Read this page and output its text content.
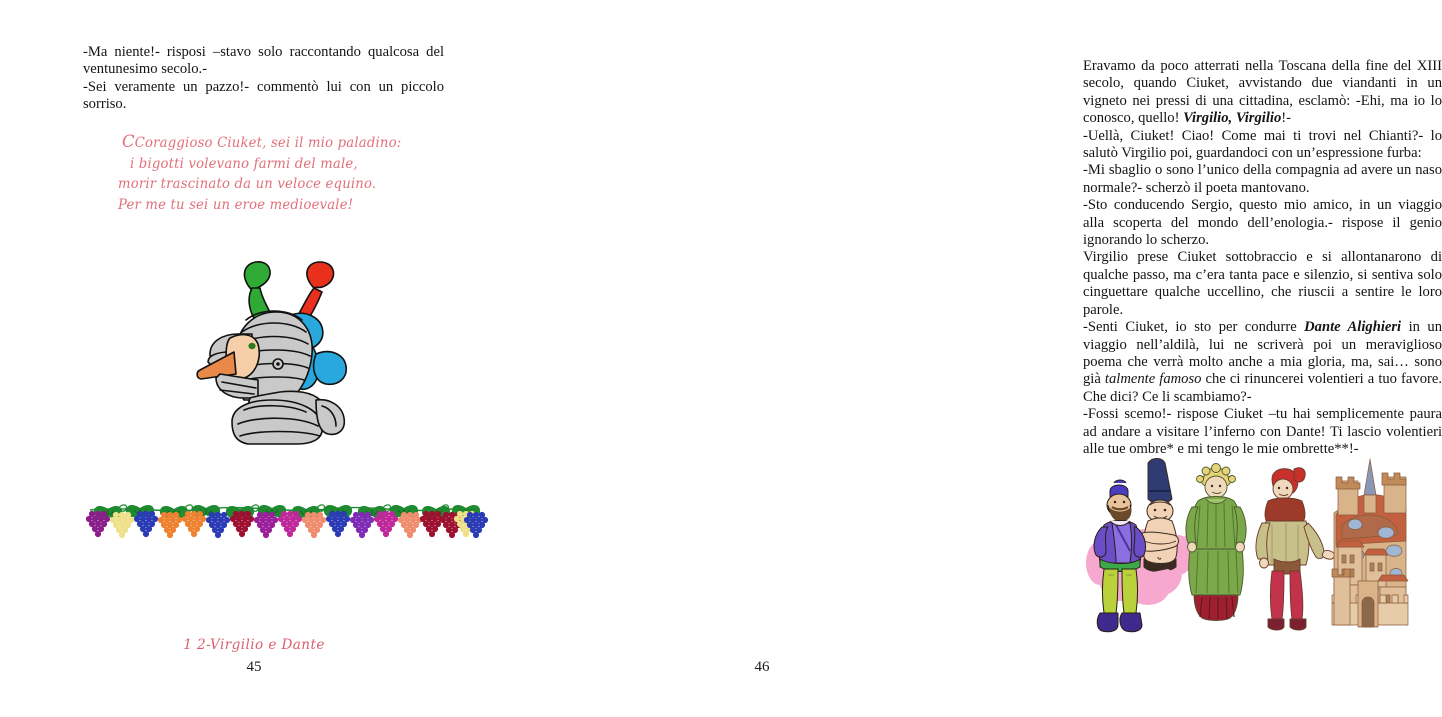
-Ma niente!- risposi –stavo solo raccontando qualcosa del ventunesimo secolo.-

-Sei veramente un pazzo!- commentò lui con un piccolo sorriso.

CCoraggioso Ciuket, sei il mio paladino:
i bigotti volevano farmi del male,
morir trascinato da un veloce equino.
Per me tu sei un eroe medioevale!
1 2-Virgilio e Dante
45

Eravamo da poco atterrati nella Toscana della fine del XIII secolo, quando Ciuket, avvistando due viandanti in un vigneto nei pressi di una cittadina, esclamò: -Ehi, ma io lo conosco, quello! Virgilio, Virgilio!-

-Uellà, Ciuket! Ciao! Come mai ti trovi nel Chianti?- lo salutò Virgilio poi, guardandoci con un’espressione furba:

-Mi sbaglio o sono l’unico della compagnia ad avere un naso normale?- scherzò il poeta mantovano.

-Sto conducendo Sergio, questo mio amico, in un viaggio alla scoperta del mondo dell’enologia.- rispose il genio ignorando lo scherzo.

Virgilio prese Ciuket sottobraccio e si allontanarono di qualche passo, ma c’era tanta pace e silenzio, si sentiva solo cinguettare qualche uccellino, che riuscii a sentire le loro parole.

-Senti Ciuket, io sto per condurre Dante Alighieri in un viaggio nell’aldilà, lui ne scriverà poi un meraviglioso poema che verrà molto anche a mia gloria, ma, sai… sono già talmente famoso che ci rinuncerei volentieri a tuo favore. Che dici? Ce li scambiamo?-

-Fossi scemo!- rispose Ciuket –tu hai semplicemente paura ad andare a visitare l’inferno con Dante! Ti lascio volentieri alle tue ombre* e mi tengo le mie ombrette**!-

46
